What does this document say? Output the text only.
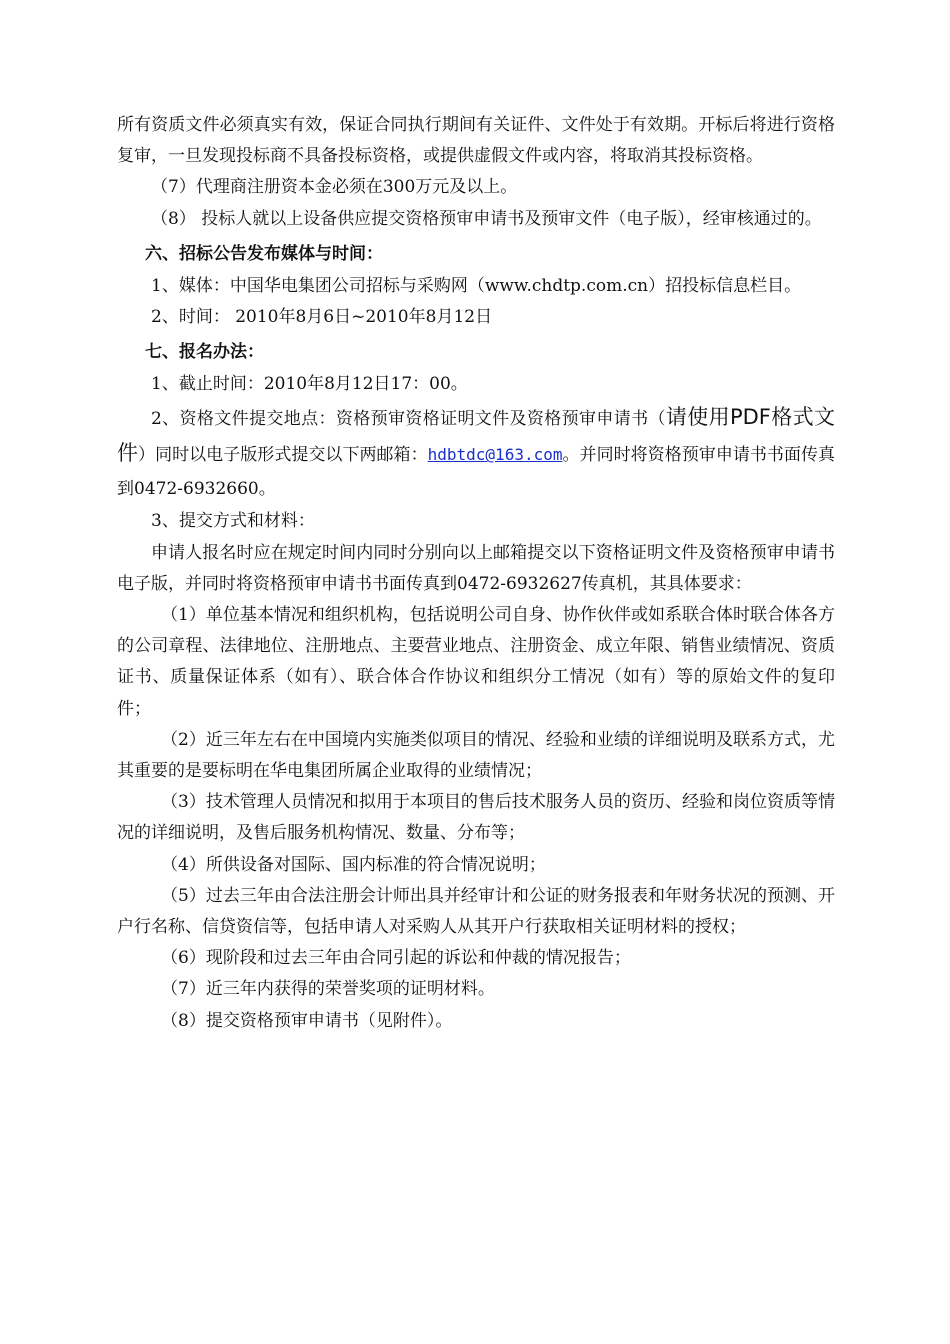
所有资质文件必须真实有效，保证合同执行期间有关证件、文件处于有效期。开标后将进行资格复审，一旦发现投标商不具备投标资格，或提供虚假文件或内容，将取消其投标资格。

（7）代理商注册资本金必须在300万元及以上。

（8） 投标人就以上设备供应提交资格预审申请书及预审文件（电子版），经审核通过的。

六、招标公告发布媒体与时间：

1、媒体：中国华电集团公司招标与采购网（www.chdtp.com.cn）招投标信息栏目。

2、时间： 2010年8月6日~2010年8月12日

七、报名办法：

1、截止时间：2010年8月12日17：00。

2、资格文件提交地点：资格预审资格证明文件及资格预审申请书（请使用PDF格式文件）同时以电子版形式提交以下两邮箱：hdbtdc@163.com。并同时将资格预审申请书书面传真到0472-6932660。

3、提交方式和材料：

申请人报名时应在规定时间内同时分别向以上邮箱提交以下资格证明文件及资格预审申请书电子版，并同时将资格预审申请书书面传真到0472-6932627传真机，其具体要求：

（1）单位基本情况和组织机构，包括说明公司自身、协作伙伴或如系联合体时联合体各方的公司章程、法律地位、注册地点、主要营业地点、注册资金、成立年限、销售业绩情况、资质证书、质量保证体系（如有）、联合体合作协议和组织分工情况（如有）等的原始文件的复印件；

（2）近三年左右在中国境内实施类似项目的情况、经验和业绩的详细说明及联系方式，尤其重要的是要标明在华电集团所属企业取得的业绩情况；

（3）技术管理人员情况和拟用于本项目的售后技术服务人员的资历、经验和岗位资质等情况的详细说明，及售后服务机构情况、数量、分布等；

（4）所供设备对国际、国内标准的符合情况说明；

（5）过去三年由合法注册会计师出具并经审计和公证的财务报表和年财务状况的预测、开户行名称、信贷资信等，包括申请人对采购人从其开户行获取相关证明材料的授权；

（6）现阶段和过去三年由合同引起的诉讼和仲裁的情况报告；

（7）近三年内获得的荣誉奖项的证明材料。

（8）提交资格预审申请书（见附件）。
